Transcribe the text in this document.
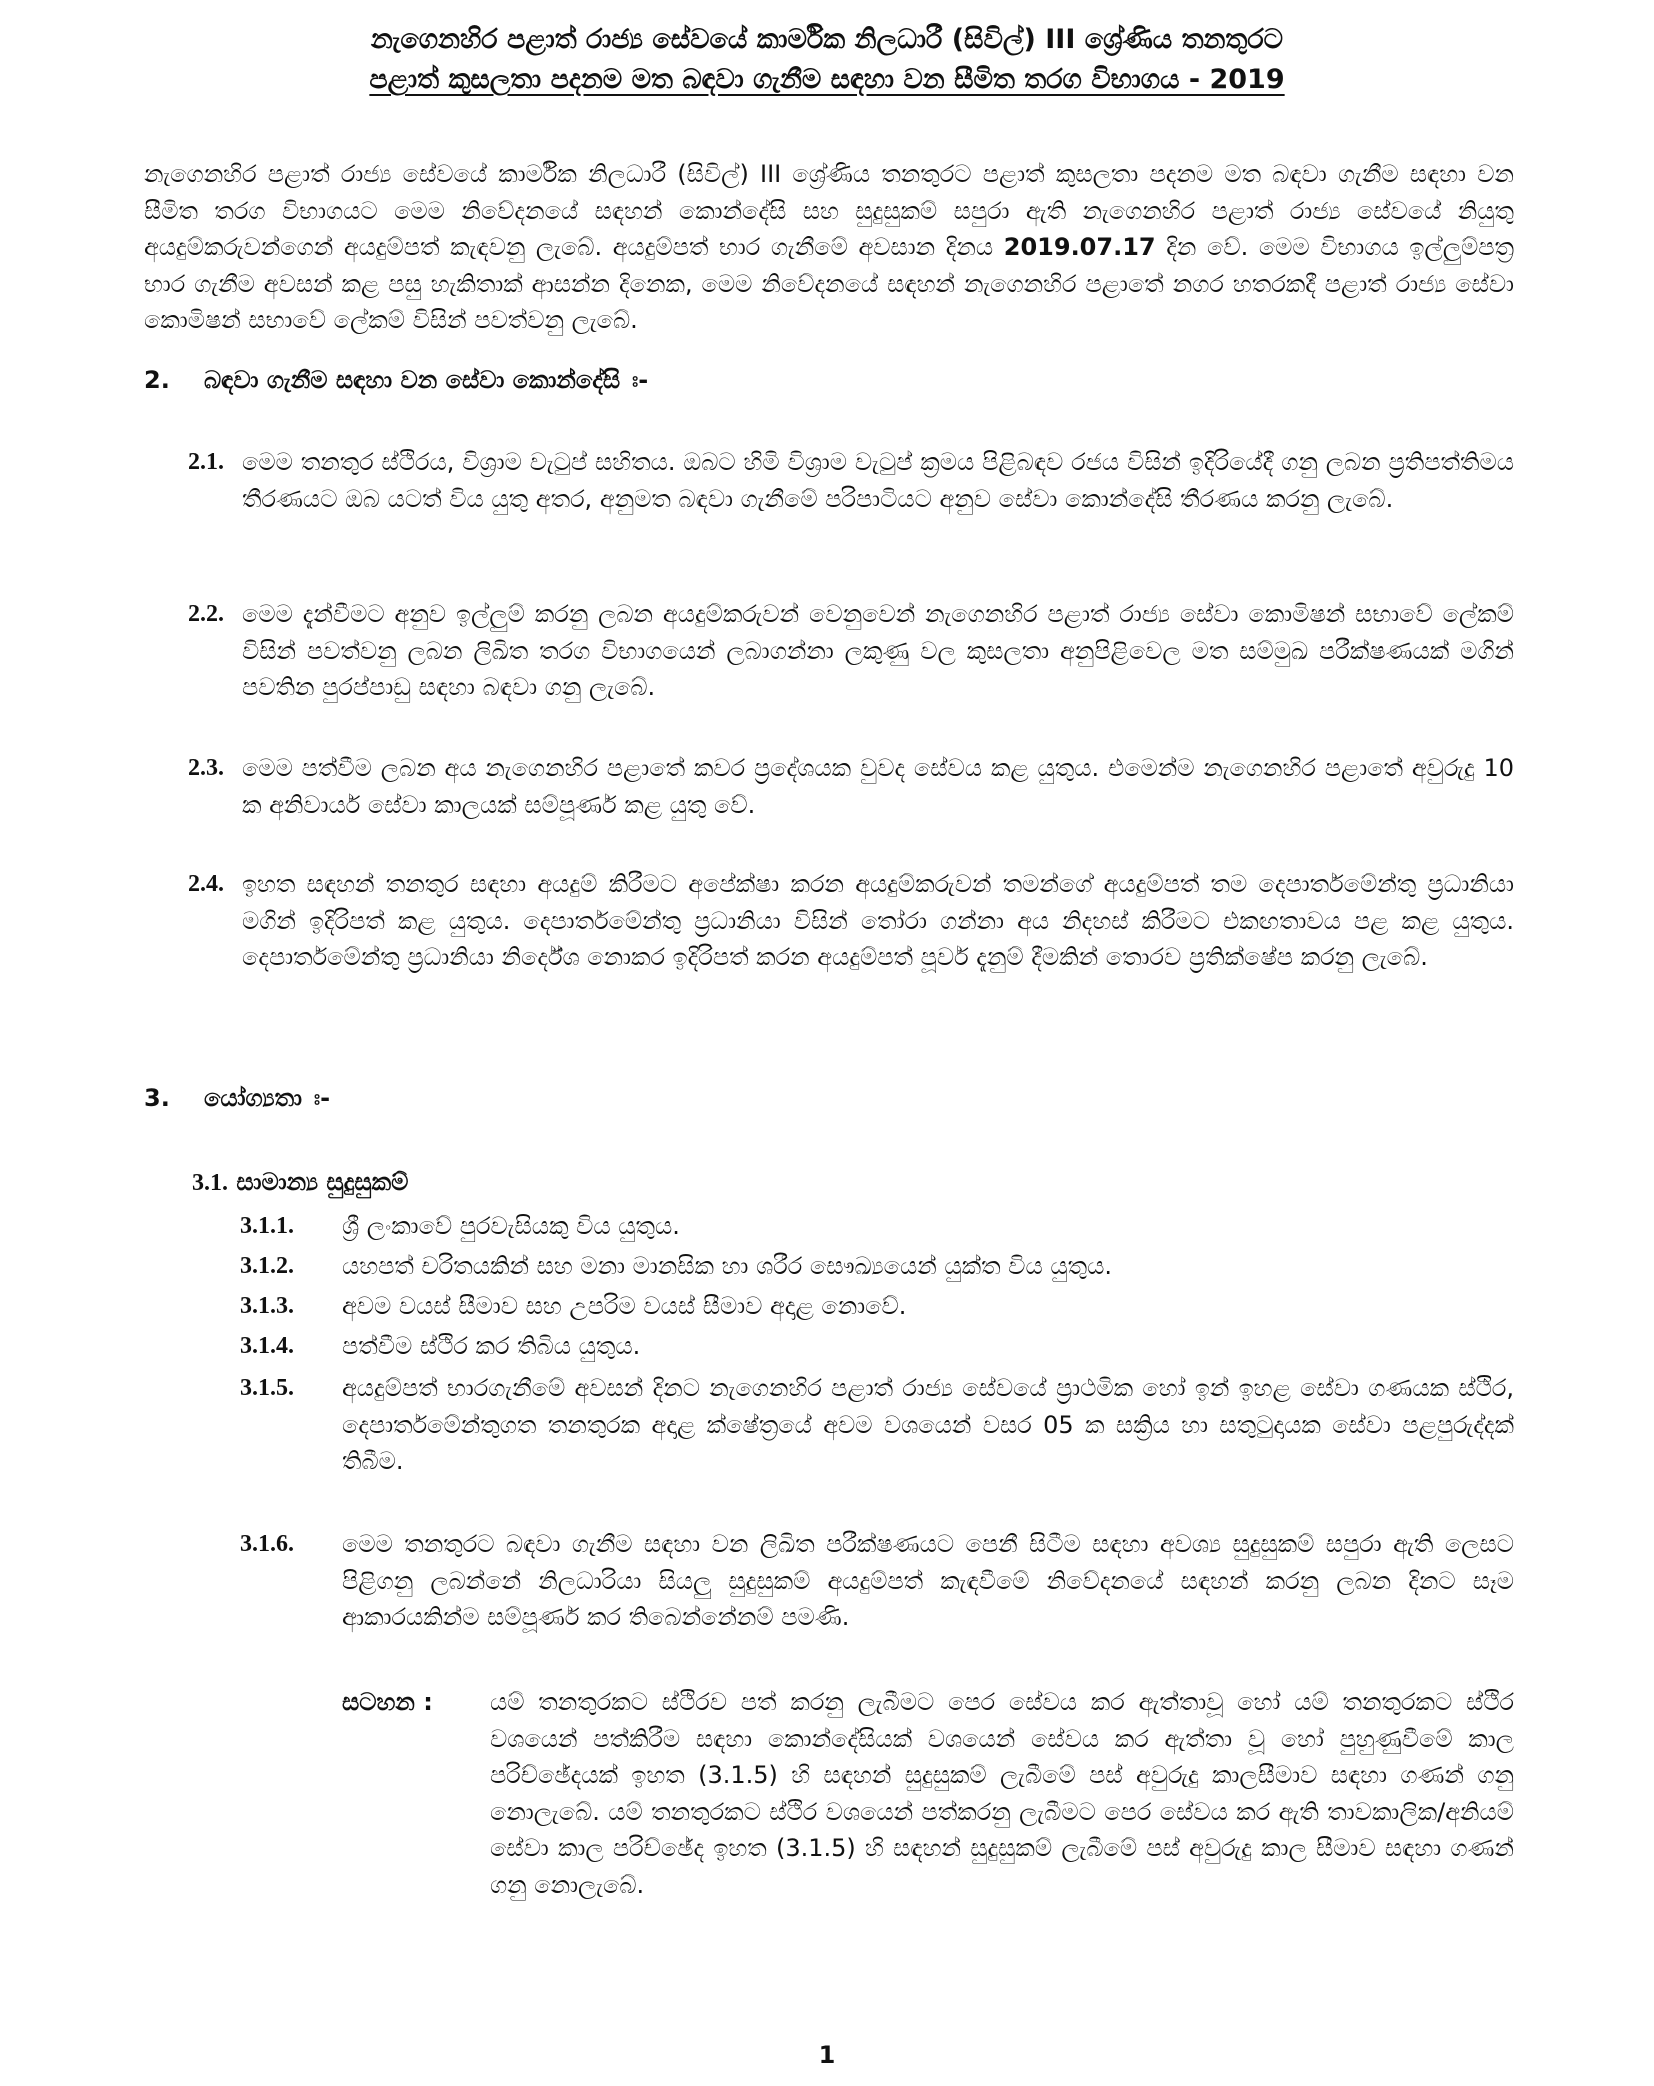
නැගෙනහිර පළාත් රාජ්‍ය සේවයේ කාර්මික නිලධාරී (සිවිල්) III ශ්‍රේණිය තනතුරට
පළාත් කුසලතා පදනම මත බඳවා ගැනීම සඳහා වන සීමිත තරග විභාගය - 2019
නැගෙනහිර පළාත් රාජ්‍ය සේවයේ කාර්මික නිලධාරී (සිවිල්) III ශ්‍රේණිය තනතුරට පළාත් කුසලතා පදනම මත බඳවා ගැනීම සඳහා වන සීමිත තරග විභාගයට මෙම නිවේදනයේ සඳහන් කොන්දේසි සහ සුදුසුකම් සපුරා ඇති නැගෙනහිර පළාත් රාජ්‍ය සේවයේ නියුතු අයදුම්කරුවන්ගෙන් අයදුම්පත් කැඳවනු ලැබේ. අයදුම්පත් භාර ගැනීමේ අවසාන දිනය 2019.07.17 දින වේ. මෙම විභාගය ඉල්ලුම්පත්‍ර භාර ගැනීම අවසන් කළ පසු හැකිතාක් ආසන්න දිනෙක, මෙම නිවේදනයේ සඳහන් නැගෙනහිර පළාතේ නගර හතරකදී පළාත් රාජ්‍ය සේවා කොමිෂන් සභාවේ ලේකම් විසින් පවත්වනු ලැබේ.
2. බඳවා ගැනීම සඳහා වන සේවා කොන්දේසි ඃ-
2.1. මෙම තනතුර ස්ථිරය, විශ්‍රාම වැටුප් සහිතය. ඔබට හිමි විශ්‍රාම වැටුප් ක්‍රමය පිළිබඳව රජය විසින් ඉදිරියේදී ගනු ලබන ප්‍රතිපත්තිමය තීරණයට ඔබ යටත් විය යුතු අතර, අනුමත බඳවා ගැනීමේ පරිපාටියට අනුව සේවා කොන්දේසි තීරණය කරනු ලැබේ.
2.2. මෙම දැන්වීමට අනුව ඉල්ලුම් කරනු ලබන අයදුම්කරුවන් වෙනුවෙන් නැගෙනහිර පළාත් රාජ්‍ය සේවා කොමිෂන් සභාවේ ලේකම් විසින් පවත්වනු ලබන ලිඛිත තරග විභාගයෙන් ලබාගන්නා ලකුණු වල කුසලතා අනුපිළිවෙල මත සම්මුඛ පරීක්ෂණයක් මගින් පවතින පුරප්පාඩු සඳහා බඳවා ගනු ලැබේ.
2.3. මෙම පත්වීම ලබන අය නැගෙනහිර පළාතේ කවර ප්‍රදේශයක වුවද සේවය කළ යුතුය. එමෙන්ම නැගෙනහිර පළාතේ අවුරුදු 10 ක අනිවාර්ය සේවා කාලයක් සම්පූර්ණ කළ යුතු වේ.
2.4. ඉහත සඳහන් තනතුර සඳහා අයදුම් කිරීමට අපේක්ෂා කරන අයදුම්කරුවන් තමන්ගේ අයදුම්පත් තම දෙපාර්තමේන්තු ප්‍රධානියා මගින් ඉදිරිපත් කළ යුතුය. දෙපාර්තමේන්තු ප්‍රධානියා විසින් තෝරා ගන්නා අය නිදහස් කිරීමට එකඟතාවය පළ කළ යුතුය. දෙපාර්තමේන්තු ප්‍රධානියා නිර්දේශ නොකර ඉදිරිපත් කරන අයදුම්පත් පූර්ව දැනුම් දීමකින් තොරව ප්‍රතික්ෂේප කරනු ලැබේ.
3. යෝග්‍යතා ඃ-
3.1. සාමාන්‍ය සුදුසුකම්
3.1.1. ශ්‍රී ලංකාවේ පුරවැසියකු විය යුතුය.
3.1.2. යහපත් චරිතයකින් සහ මනා මානසික හා ශරීර සෞඛ්‍යයෙන් යුක්ත විය යුතුය.
3.1.3. අවම වයස් සීමාව සහ උපරිම වයස් සීමාව අදාළ නොවේ.
3.1.4. පත්වීම ස්ථිර කර තිබිය යුතුය.
3.1.5. අයදුම්පත් භාරගැනීමේ අවසන් දිනට නැගෙනහිර පළාත් රාජ්‍ය සේවයේ ප්‍රාථමික හෝ ඉන් ඉහළ සේවා ගණයක ස්ථිර, දෙපාර්තමේන්තුගත තනතුරක අදාළ ක්ෂේත්‍රයේ අවම වශයෙන් වසර 05 ක සක්‍රිය හා සතුටුදායක සේවා පළපුරුද්දක් තිබීම.
3.1.6. මෙම තනතුරට බඳවා ගැනීම සඳහා වන ලිඛිත පරීක්ෂණයට පෙනී සිටීම සඳහා අවශ්‍ය සුදුසුකම් සපුරා ඇති ලෙසට පිළිගනු ලබන්නේ නිලධාරියා සියලු සුදුසුකම් අයදුම්පත් කැඳවීමේ නිවේදනයේ සඳහන් කරනු ලබන දිනට සෑම ආකාරයකින්ම සම්පූර්ණ කර තිබෙන්නේනම් පමණි.
සටහන : යම් තනතුරකට ස්ථිරව පත් කරනු ලැබීමට පෙර සේවය කර ඇත්තාවූ හෝ යම් තනතුරකට ස්ථිර වශයෙන් පත්කිරීම සඳහා කොන්දේසියක් වශයෙන් සේවය කර ඇත්තා වූ හෝ පුහුණුවීමේ කාල පරිච්ඡේදයක් ඉහත (3.1.5) හි සඳහන් සුදුසුකම් ලැබීමේ පස් අවුරුදු කාලසීමාව සඳහා ගණන් ගනු නොලැබේ. යම් තනතුරකට ස්ථිර වශයෙන් පත්කරනු ලැබීමට පෙර සේවය කර ඇති තාවකාලික/අනියම් සේවා කාල පරිච්ඡේද ඉහත (3.1.5) හි සඳහන් සුදුසුකම් ලැබීමේ පස් අවුරුදු කාල සීමාව සඳහා ගණන් ගනු නොලැබේ.
1
